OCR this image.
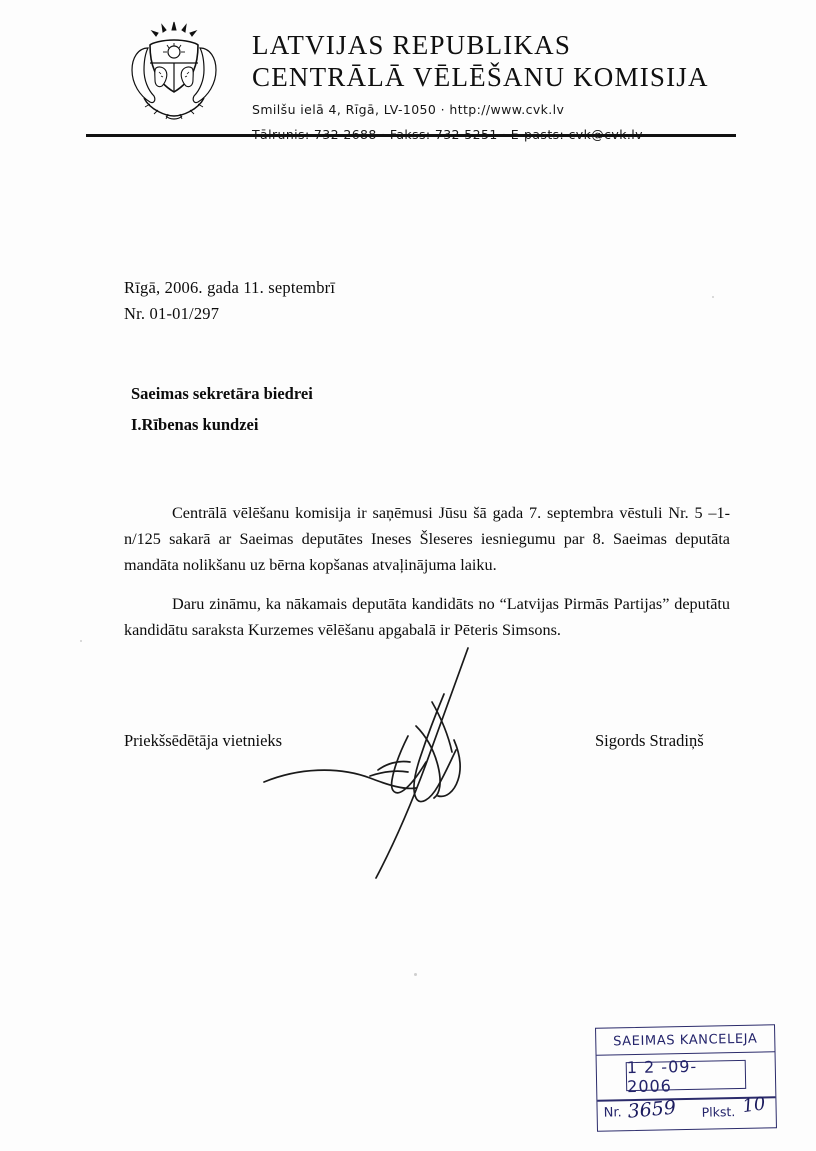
LATVIJAS REPUBLIKAS
CENTRĀLĀ VĒLĒŠANU KOMISIJA
Smilšu ielā 4, Rīgā, LV-1050 · http://www.cvk.lv
Rīgā, 2006. gada 11. septembrī
Nr. 01-01/297
Saeimas sekretāra biedrei
I.Rībenas kundzei

Centrālā vēlēšanu komisija ir saņēmusi Jūsu šā gada 7. septembra vēstuli Nr. 5 –1-n/125 sakarā ar Saeimas deputātes Ineses Šleseres iesniegumu par 8. Saeimas deputāta mandāta nolikšanu uz bērna kopšanas atvaļinājuma laiku.

Daru zināmu, ka nākamais deputāta kandidāts no “Latvijas Pirmās Partijas” deputātu kandidātu saraksta Kurzemes vēlēšanu apgabalā ir Pēteris Simsons.

Priekšsēdētāja vietnieks	Sigords Stradiņš
SAEIMAS KANCELEJA
1 2 -09- 2006
Nr. 3659 Plkst. 10
